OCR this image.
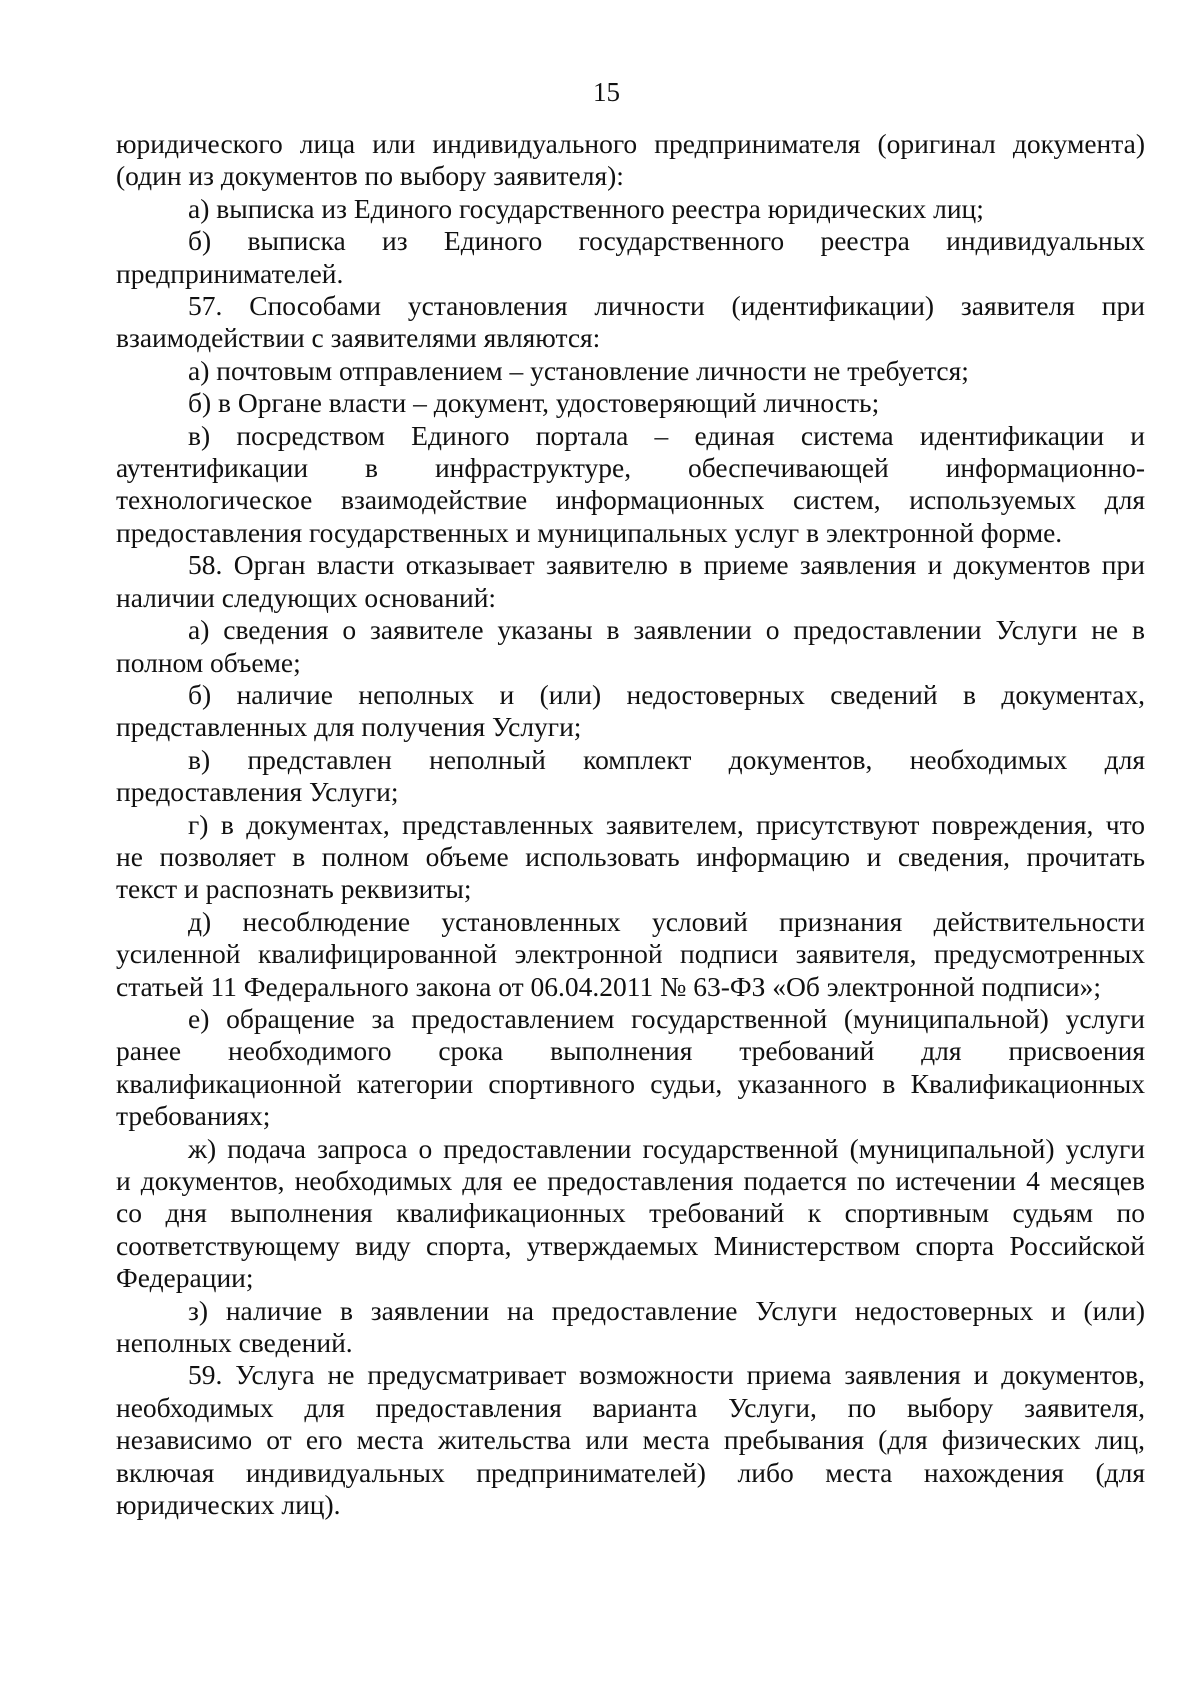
15
юридического лица или индивидуального предпринимателя (оригинал документа)
(один из документов по выбору заявителя):
а) выписка из Единого государственного реестра юридических лиц;
б) выписка из Единого государственного реестра индивидуальных
предпринимателей.
57. Способами установления личности (идентификации) заявителя при
взаимодействии с заявителями являются:
а) почтовым отправлением – установление личности не требуется;
б) в Органе власти – документ, удостоверяющий личность;
в) посредством Единого портала – единая система идентификации и
аутентификации в инфраструктуре, обеспечивающей информационно-
технологическое взаимодействие информационных систем, используемых для
предоставления государственных и муниципальных услуг в электронной форме.
58. Орган власти отказывает заявителю в приеме заявления и документов при
наличии следующих оснований:
а) сведения о заявителе указаны в заявлении о предоставлении Услуги не в
полном объеме;
б) наличие неполных и (или) недостоверных сведений в документах,
представленных для получения Услуги;
в) представлен неполный комплект документов, необходимых для
предоставления Услуги;
г) в документах, представленных заявителем, присутствуют повреждения, что
не позволяет в полном объеме использовать информацию и сведения, прочитать
текст и распознать реквизиты;
д) несоблюдение установленных условий признания действительности
усиленной квалифицированной электронной подписи заявителя, предусмотренных
статьей 11 Федерального закона от 06.04.2011 № 63-ФЗ «Об электронной подписи»;
е) обращение за предоставлением государственной (муниципальной) услуги
ранее необходимого срока выполнения требований для присвоения
квалификационной категории спортивного судьи, указанного в Квалификационных
требованиях;
ж) подача запроса о предоставлении государственной (муниципальной) услуги
и документов, необходимых для ее предоставления подается по истечении 4 месяцев
со дня выполнения квалификационных требований к спортивным судьям по
соответствующему виду спорта, утверждаемых Министерством спорта Российской
Федерации;
з) наличие в заявлении на предоставление Услуги недостоверных и (или)
неполных сведений.
59. Услуга не предусматривает возможности приема заявления и документов,
необходимых для предоставления варианта Услуги, по выбору заявителя,
независимо от его места жительства или места пребывания (для физических лиц,
включая индивидуальных предпринимателей) либо места нахождения (для
юридических лиц).
